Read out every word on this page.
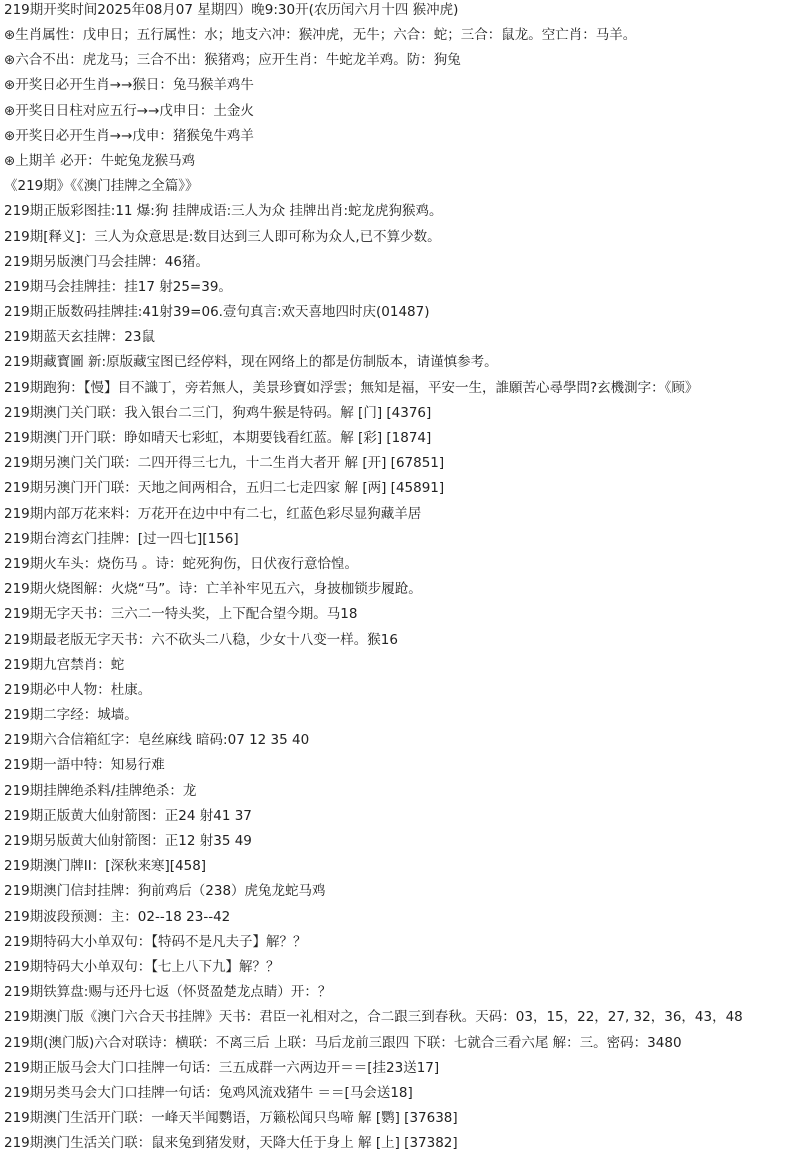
219期开奖时间2025年08月07 星期四）晚9:30开(农历闰六月十四 猴冲虎)
⊛生肖属性：戊申日；五行属性：水；地支六冲：猴冲虎，无牛；六合：蛇；三合：鼠龙。空亡肖：马羊。
⊛六合不出：虎龙马；三合不出：猴猪鸡；应开生肖：牛蛇龙羊鸡。防：狗兔
⊛开奖日必开生肖→→猴日：兔马猴羊鸡牛
⊛开奖日日柱对应五行→→戊申日：土金火
⊛开奖日必开生肖→→戊申：猪猴兔牛鸡羊
⊛上期羊 必开：牛蛇兔龙猴马鸡
《219期》《《澳门挂牌之全篇》》
219期正版彩图挂:11 爆:狗 挂牌成语:三人为众 挂牌出肖:蛇龙虎狗猴鸡。
219期[释义]：三人为众意思是:数目达到三人即可称为众人,已不算少数。
219期另版澳门马会挂牌：46猪。
219期马会挂牌挂：挂17 射25=39。
219期正版数码挂牌挂:41射39=06.壹句真言:欢天喜地四时庆(01487)
219期蓝天玄挂牌：23鼠
219期藏寳圖 新:原版藏宝图已经停料，现在网络上的都是仿制版本，请谨慎参考。
219期跑狗：【慢】目不識丁，旁若無人，美景珍寶如浮雲；無知是福，平安一生，誰願苦心尋學問?玄機測字：《顾》
219期澳门关门联：我入银台二三门，狗鸡牛猴是特码。解 [门] [4376]
219期澳门开门联：睁如晴天七彩虹，本期要钱看红蓝。解 [彩] [1874]
219期另澳门关门联：二四开得三七九，十二生肖大者开 解 [开] [67851]
219期另澳门开门联：天地之间两相合，五归二七走四家 解 [两] [45891]
219期内部万花来料：万花开在边中中有二七，红蓝色彩尽显狗藏羊居
219期台湾玄门挂牌：[过一四七][156]
219期火车头：烧伤马 。诗：蛇死狗伤，日伏夜行意恰惶。
219期火烧图解：火烧“马”。诗：亡羊补牢见五六，身披枷锁步履跄。
219期无字天书：三六二一特头奖，上下配合望今期。马18
219期最老版无字天书：六不砍头二八稳，少女十八变一样。猴16
219期九宫禁肖：蛇
219期必中人物：杜康。
219期二字经：城墙。
219期六合信箱紅字：皂丝麻线 暗码:07 12 35 40
219期一語中特：知易行难
219期挂牌绝杀料/挂牌绝杀：龙
219期正版黄大仙射箭图：正24 射41 37
219期另版黄大仙射箭图：正12 射35 49
219期澳门牌II：[深秋来寒][458]
219期澳门信封挂牌：狗前鸡后（238）虎兔龙蛇马鸡
219期波段预测：主：02--18 23--42
219期特码大小单双句：【特码不是凡夫子】解？？
219期特码大小单双句：【七上八下九】解？？
219期铁算盘:赐与还丹七返（怀贤盈楚龙点睛）开：？
219期澳门版《澳门六合天书挂牌》天书：君臣一礼相对之，合二跟三到春秋。天码：03，15，22，27, 32，36，43，48
219期(澳门版)六合对联诗：横联：不离三后 上联：马后龙前三跟四 下联：七就合三看六尾 解：三。密码：3480
219期正版马会大门口挂牌一句话：三五成群一六两边开＝＝[挂23送17]
219期另类马会大门口挂牌一句话：兔鸡风流戏猪牛 ＝＝[马会送18]
219期澳门生活开门联：一峰天半闻鹦语，万籁松闻只鸟啼 解 [鹦] [37638]
219期澳门生活关门联：鼠来兔到猪发财，天降大任于身上 解 [上] [37382]
